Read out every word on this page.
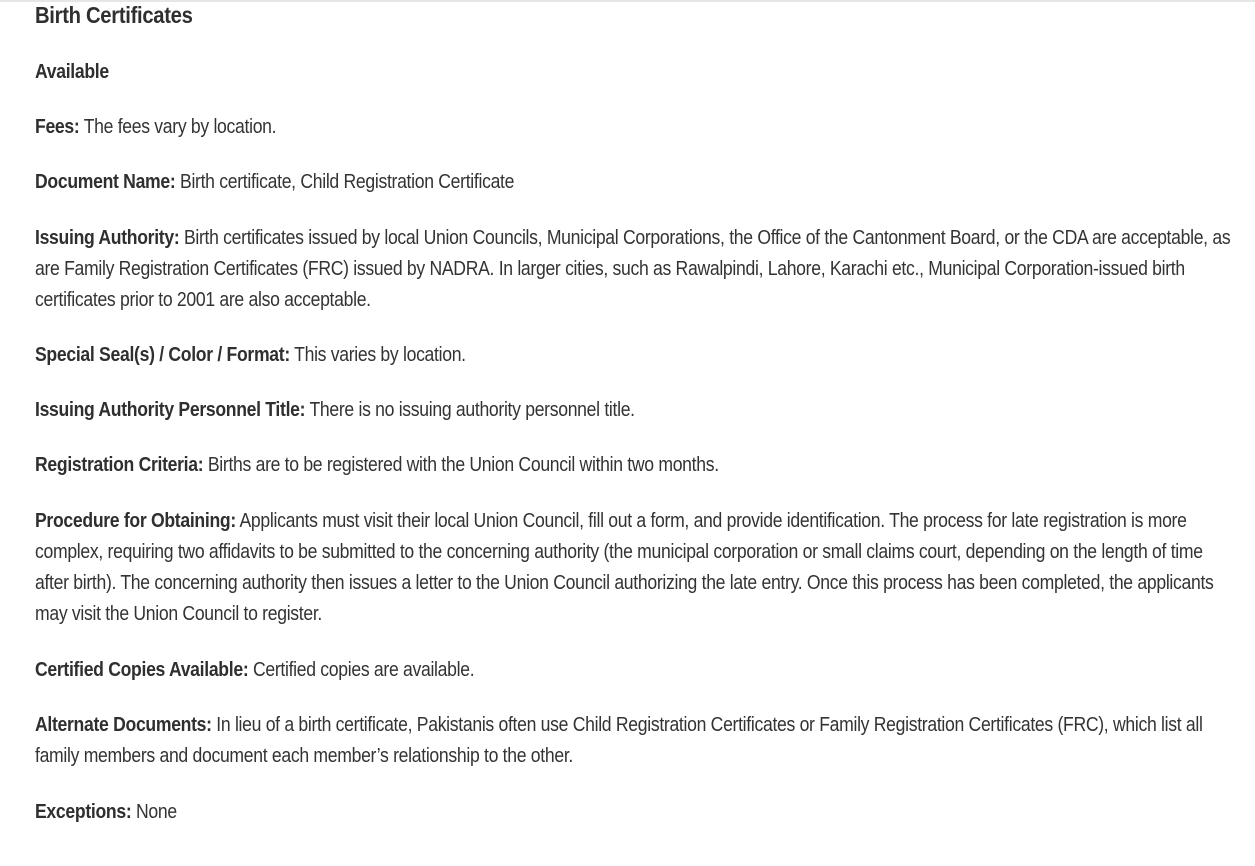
Birth Certificates

Available

Fees: The fees vary by location.

Document Name: Birth certificate, Child Registration Certificate

Issuing Authority: Birth certificates issued by local Union Councils, Municipal Corporations, the Office of the Cantonment Board, or the CDA are acceptable, as are Family Registration Certificates (FRC) issued by NADRA. In larger cities, such as Rawalpindi, Lahore, Karachi etc., Municipal Corporation-issued birth certificates prior to 2001 are also acceptable.

Special Seal(s) / Color / Format: This varies by location.

Issuing Authority Personnel Title: There is no issuing authority personnel title.

Registration Criteria: Births are to be registered with the Union Council within two months.

Procedure for Obtaining: Applicants must visit their local Union Council, fill out a form, and provide identification. The process for late registration is more complex, requiring two affidavits to be submitted to the concerning authority (the municipal corporation or small claims court, depending on the length of time after birth). The concerning authority then issues a letter to the Union Council authorizing the late entry. Once this process has been completed, the applicants may visit the Union Council to register.

Certified Copies Available: Certified copies are available.

Alternate Documents: In lieu of a birth certificate, Pakistanis often use Child Registration Certificates or Family Registration Certificates (FRC), which list all family members and document each member’s relationship to the other.

Exceptions: None
